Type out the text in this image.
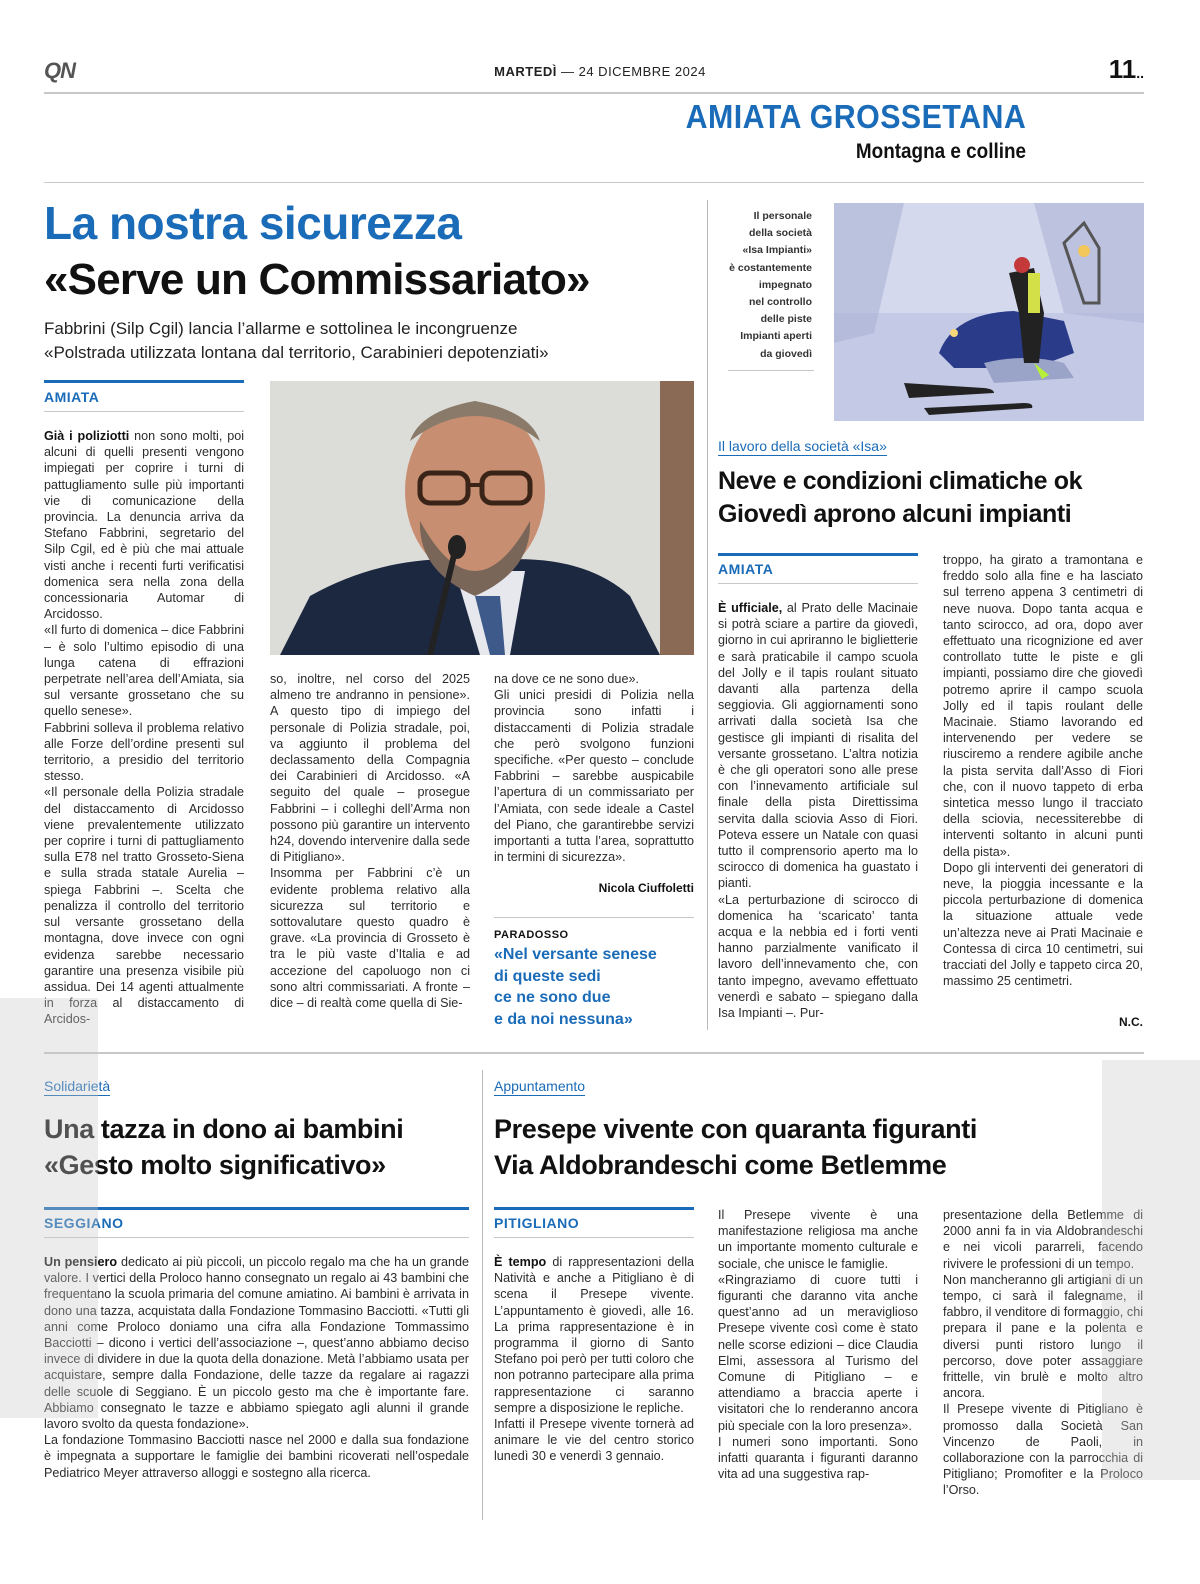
QN	MARTEDÌ — 24 DICEMBRE 2024	11..
AMIATA GROSSETANA
Montagna e colline
La nostra sicurezza
«Serve un Commissariato»
Fabbrini (Silp Cgil) lancia l’allarme e sottolinea le incongruenze
«Polstrada utilizzata lontana dal territorio, Carabinieri depotenziati»
AMIATA

Già i poliziotti non sono molti, poi alcuni di quelli presenti vengono impiegati per coprire i turni di pattugliamento sulle più importanti vie di comunicazione della provincia. La denuncia arriva da Stefano Fabbrini, segretario del Silp Cgil, ed è più che mai attuale visti anche i recenti furti verificatisi domenica sera nella zona della concessionaria Automar di Arcidosso.

«Il furto di domenica – dice Fabbrini – è solo l’ultimo episodio di una lunga catena di effrazioni perpetrate nell’area dell’Amiata, sia sul versante grossetano che su quello senese».

Fabbrini solleva il problema relativo alle Forze dell’ordine presenti sul territorio, a presidio del territorio stesso.

«Il personale della Polizia stradale del distaccamento di Arcidosso viene prevalentemente utilizzato per coprire i turni di pattugliamento sulla E78 nel tratto Grosseto-Siena e sulla strada statale Aurelia – spiega Fabbrini –. Scelta che penalizza il controllo del territorio sul versante grossetano della montagna, dove invece con ogni evidenza sarebbe necessario garantire una presenza visibile più assidua. Dei 14 agenti attualmente in forza al distaccamento di Arcidos-

so, inoltre, nel corso del 2025 almeno tre andranno in pensione». A questo tipo di impiego del personale di Polizia stradale, poi, va aggiunto il problema del declassamento della Compagnia dei Carabinieri di Arcidosso. «A seguito del quale – prosegue Fabbrini – i colleghi dell’Arma non possono più garantire un intervento h24, dovendo intervenire dalla sede di Pitigliano».

Insomma per Fabbrini c’è un evidente problema relativo alla sicurezza sul territorio e sottovalutare questo quadro è grave. «La provincia di Grosseto è tra le più vaste d’Italia e ad accezione del capoluogo non ci sono altri commissariati. A fronte – dice – di realtà come quella di Sie-

na dove ce ne sono due».

Gli unici presidi di Polizia nella provincia sono infatti i distaccamenti di Polizia stradale che però svolgono funzioni specifiche. «Per questo – conclude Fabbrini – sarebbe auspicabile l’apertura di un commissariato per l’Amiata, con sede ideale a Castel del Piano, che garantirebbe servizi importanti a tutta l’area, soprattutto in termini di sicurezza».

Nicola Ciuffoletti
PARADOSSO
«Nel versante senese
di queste sedi
ce ne sono due
e da noi nessuna»
Il personale
della società
«Isa Impianti»
è costantemente
impegnato
nel controllo
delle piste
Impianti aperti
da giovedì
Il lavoro della società «Isa»
Neve e condizioni climatiche ok
Giovedì aprono alcuni impianti
AMIATA

È ufficiale, al Prato delle Macinaie si potrà sciare a partire da giovedì, giorno in cui apriranno le biglietterie e sarà praticabile il campo scuola del Jolly e il tapis roulant situato davanti alla partenza della seggiovia. Gli aggiornamenti sono arrivati dalla società Isa che gestisce gli impianti di risalita del versante grossetano. L’altra notizia è che gli operatori sono alle prese con l’innevamento artificiale sul finale della pista Direttissima servita dalla sciovia Asso di Fiori. Poteva essere un Natale con quasi tutto il comprensorio aperto ma lo scirocco di domenica ha guastato i pianti.

«La perturbazione di scirocco di domenica ha ‘scaricato’ tanta acqua e la nebbia ed i forti venti hanno parzialmente vanificato il lavoro dell’innevamento che, con tanto impegno, avevamo effettuato venerdì e sabato – spiegano dalla Isa Impianti –. Pur-

troppo, ha girato a tramontana e freddo solo alla fine e ha lasciato sul terreno appena 3 centimetri di neve nuova. Dopo tanta acqua e tanto scirocco, ad ora, dopo aver effettuato una ricognizione ed aver controllato tutte le piste e gli impianti, possiamo dire che giovedì potremo aprire il campo scuola Jolly ed il tapis roulant delle Macinaie. Stiamo lavorando ed intervenendo per vedere se riusciremo a rendere agibile anche la pista servita dall’Asso di Fiori che, con il nuovo tappeto di erba sintetica messo lungo il tracciato della sciovia, necessiterebbe di interventi soltanto in alcuni punti della pista».

Dopo gli interventi dei generatori di neve, la pioggia incessante e la piccola perturbazione di domenica la situazione attuale vede un’altezza neve ai Prati Macinaie e Contessa di circa 10 centimetri, sui tracciati del Jolly e tappeto circa 20, massimo 25 centimetri.

N.C.
Solidarietà
Una tazza in dono ai bambini
«Gesto molto significativo»
SEGGIANO

Un pensiero dedicato ai più piccoli, un piccolo regalo ma che ha un grande valore. I vertici della Proloco hanno consegnato un regalo ai 43 bambini che frequentano la scuola primaria del comune amiatino. Ai bambini è arrivata in dono una tazza, acquistata dalla Fondazione Tommasino Bacciotti. «Tutti gli anni come Proloco doniamo una cifra alla Fondazione Tommassimo Bacciotti – dicono i vertici dell’associazione –, quest’anno abbiamo deciso invece di dividere in due la quota della donazione. Metà l’abbiamo usata per acquistare, sempre dalla Fondazione, delle tazze da regalare ai ragazzi delle scuole di Seggiano. È un piccolo gesto ma che è importante fare. Abbiamo consegnato le tazze e abbiamo spiegato agli alunni il grande lavoro svolto da questa fondazione».

La fondazione Tommasino Bacciotti nasce nel 2000 e dalla sua fondazione è impegnata a supportare le famiglie dei bambini ricoverati nell’ospedale Pediatrico Meyer attraverso alloggi e sostegno alla ricerca.

Appuntamento
Presepe vivente con quaranta figuranti
Via Aldobrandeschi come Betlemme
PITIGLIANO

È tempo di rappresentazioni della Natività e anche a Pitigliano è di scena il Presepe vivente. L’appuntamento è giovedì, alle 16. La prima rappresentazione è in programma il giorno di Santo Stefano poi però per tutti coloro che non potranno partecipare alla prima rappresentazione ci saranno sempre a disposizione le repliche.

Infatti il Presepe vivente tornerà ad animare le vie del centro storico lunedì 30 e venerdì 3 gennaio.

Il Presepe vivente è una manifestazione religiosa ma anche un importante momento culturale e sociale, che unisce le famiglie.

«Ringraziamo di cuore tutti i figuranti che daranno vita anche quest’anno ad un meraviglioso Presepe vivente così come è stato nelle scorse edizioni – dice Claudia Elmi, assessora al Turismo del Comune di Pitigliano – e attendiamo a braccia aperte i visitatori che lo renderanno ancora più speciale con la loro presenza».

I numeri sono importanti. Sono infatti quaranta i figuranti daranno vita ad una suggestiva rap-

presentazione della Betlemme di 2000 anni fa in via Aldobrandeschi e nei vicoli pararreli, facendo rivivere le professioni di un tempo.

Non mancheranno gli artigiani di un tempo, ci sarà il falegname, il fabbro, il venditore di formaggio, chi prepara il pane e la polenta e diversi punti ristoro lungo il percorso, dove poter assaggiare frittelle, vin brulè e molto altro ancora.

Il Presepe vivente di Pitigliano è promosso dalla Società San Vincenzo de Paoli, in collaborazione con la parrocchia di Pitigliano; Promofiter e la Proloco l’Orso.
